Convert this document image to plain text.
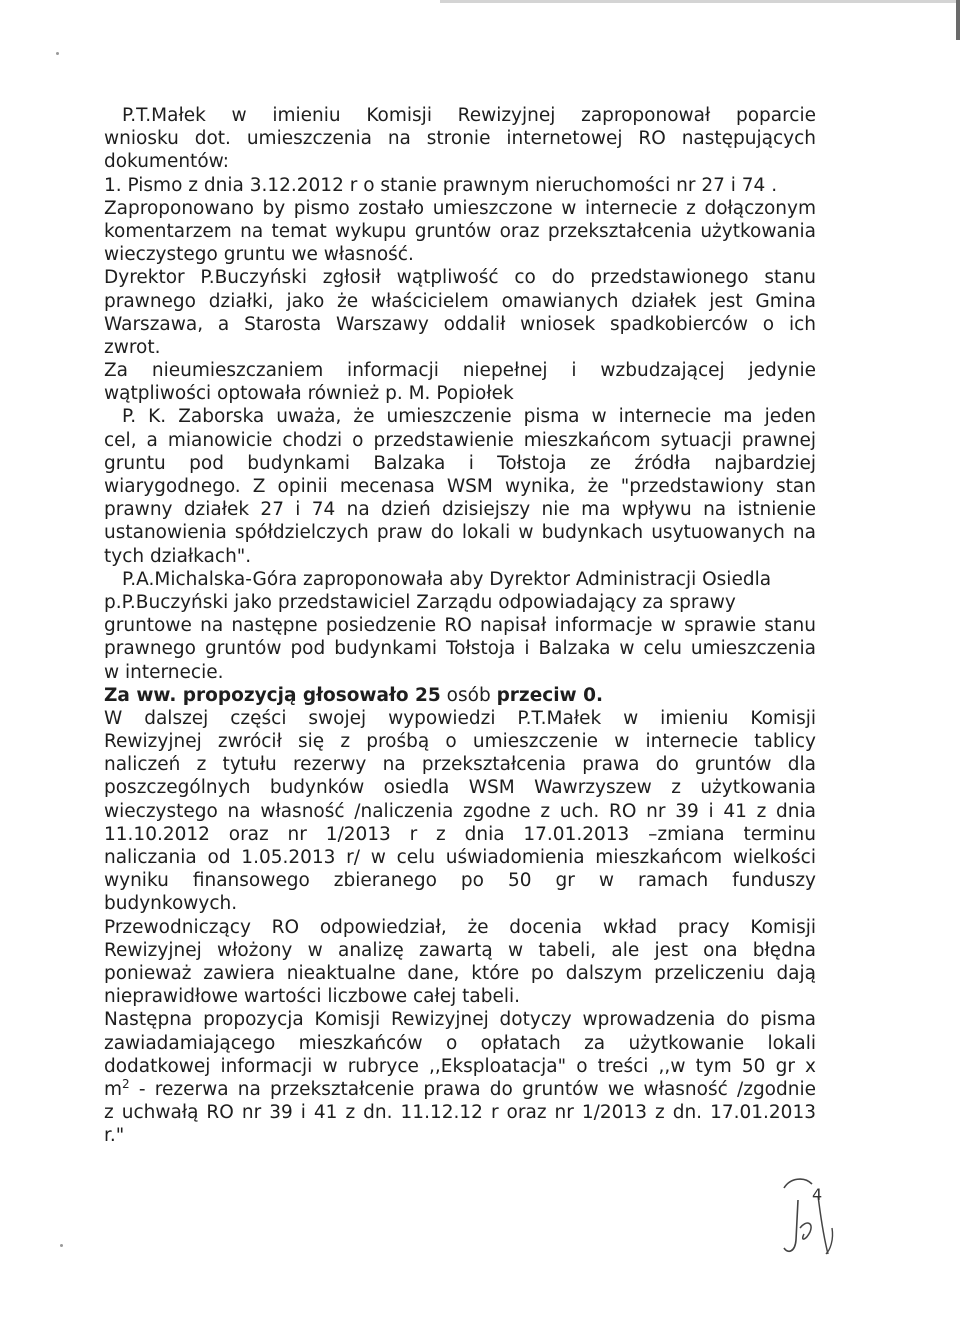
P.T.Małek w imieniu Komisji Rewizyjnej zaproponował poparcie
wniosku dot. umieszczenia na stronie internetowej RO następujących
dokumentów:
1. Pismo z dnia 3.12.2012 r o stanie prawnym nieruchomości nr 27 i 74 .
Zaproponowano by pismo zostało umieszczone w internecie z dołączonym
komentarzem na temat wykupu gruntów oraz przekształcenia użytkowania
wieczystego gruntu we własność.
Dyrektor P.Buczyński zgłosił wątpliwość co do przedstawionego stanu
prawnego działki, jako że właścicielem omawianych działek jest Gmina
Warszawa, a Starosta Warszawy oddalił wniosek spadkobierców o ich
zwrot.
Za nieumieszczaniem informacji niepełnej i wzbudzającej jedynie
wątpliwości optowała również p. M. Popiołek
P. K. Zaborska uważa, że umieszczenie pisma w internecie ma jeden
cel, a mianowicie chodzi o przedstawienie mieszkańcom sytuacji prawnej
gruntu pod budynkami Balzaka i Tołstoja ze źródła najbardziej
wiarygodnego. Z opinii mecenasa WSM wynika, że "przedstawiony stan
prawny działek 27 i 74 na dzień dzisiejszy nie ma wpływu na istnienie
ustanowienia spółdzielczych praw do lokali w budynkach usytuowanych na
tych działkach".
P.A.Michalska-Góra zaproponowała aby Dyrektor Administracji Osiedla
p.P.Buczyński jako przedstawiciel Zarządu odpowiadający za sprawy
gruntowe na następne posiedzenie RO napisał informacje w sprawie stanu
prawnego gruntów pod budynkami Tołstoja i Balzaka w celu umieszczenia
w internecie.
Za ww. propozycją głosowało 25 osób przeciw 0.
W dalszej części swojej wypowiedzi P.T.Małek w imieniu Komisji
Rewizyjnej zwrócił się z prośbą o umieszczenie w internecie tablicy
naliczeń z tytułu rezerwy na przekształcenia prawa do gruntów dla
poszczególnych budynków osiedla WSM Wawrzyszew z użytkowania
wieczystego na własność /naliczenia zgodne z uch. RO nr 39 i 41 z dnia
11.10.2012 oraz nr 1/2013 r z dnia 17.01.2013 –zmiana terminu
naliczania od 1.05.2013 r/ w celu uświadomienia mieszkańcom wielkości
wyniku finansowego zbieranego po 50 gr w ramach funduszy
budynkowych.
Przewodniczący RO odpowiedział, że docenia wkład pracy Komisji
Rewizyjnej włożony w analizę zawartą w tabeli, ale jest ona błędna
ponieważ zawiera nieaktualne dane, które po dalszym przeliczeniu dają
nieprawidłowe wartości liczbowe całej tabeli.
Następna propozycja Komisji Rewizyjnej dotyczy wprowadzenia do pisma
zawiadamiającego mieszkańców o opłatach za użytkowanie lokali
dodatkowej informacji w rubryce ,,Eksploatacja" o treści ,,w tym 50 gr x
$m^2$ - rezerwa na przekształcenie prawa do gruntów we własność /zgodnie
z uchwałą RO nr 39 i 41 z dn. 11.12.12 r oraz nr 1/2013 z dn. 17.01.2013
r."
4
